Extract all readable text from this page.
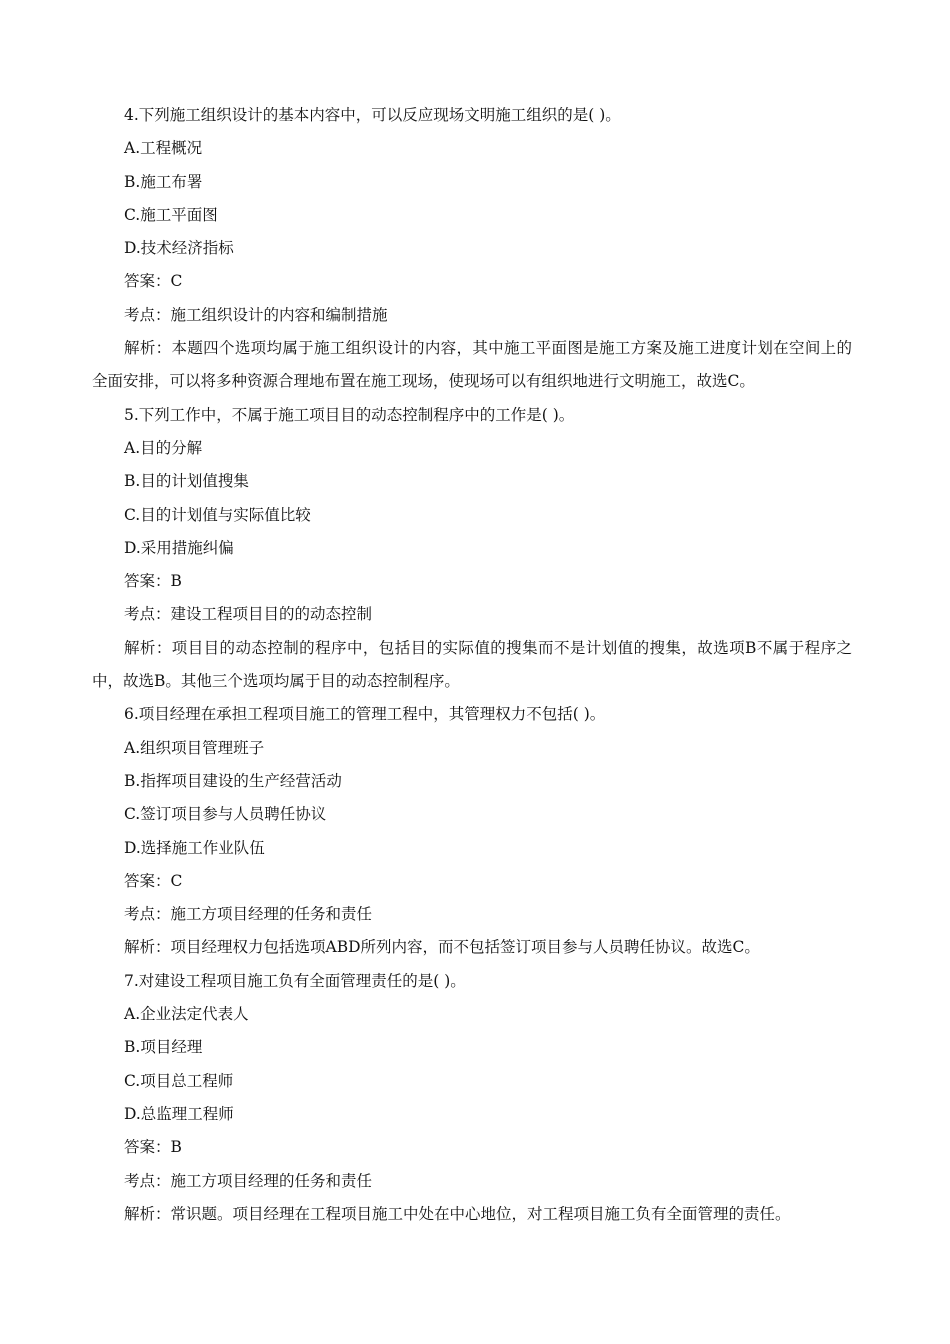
4.下列施工组织设计的基本内容中，可以反应现场文明施工组织的是( )。
A.工程概况
B.施工布署
C.施工平面图
D.技术经济指标
答案：C
考点：施工组织设计的内容和编制措施
解析：本题四个选项均属于施工组织设计的内容，其中施工平面图是施工方案及施工进度计划在空间上的全面安排，可以将多种资源合理地布置在施工现场，使现场可以有组织地进行文明施工，故选C。
5.下列工作中，不属于施工项目目的动态控制程序中的工作是( )。
A.目的分解
B.目的计划值搜集
C.目的计划值与实际值比较
D.采用措施纠偏
答案：B
考点：建设工程项目目的的动态控制
解析：项目目的动态控制的程序中，包括目的实际值的搜集而不是计划值的搜集，故选项B不属于程序之中，故选B。其他三个选项均属于目的动态控制程序。
6.项目经理在承担工程项目施工的管理工程中，其管理权力不包括( )。
A.组织项目管理班子
B.指挥项目建设的生产经营活动
C.签订项目参与人员聘任协议
D.选择施工作业队伍
答案：C
考点：施工方项目经理的任务和责任
解析：项目经理权力包括选项ABD所列内容，而不包括签订项目参与人员聘任协议。故选C。
7.对建设工程项目施工负有全面管理责任的是( )。
A.企业法定代表人
B.项目经理
C.项目总工程师
D.总监理工程师
答案：B
考点：施工方项目经理的任务和责任
解析：常识题。项目经理在工程项目施工中处在中心地位，对工程项目施工负有全面管理的责任。
